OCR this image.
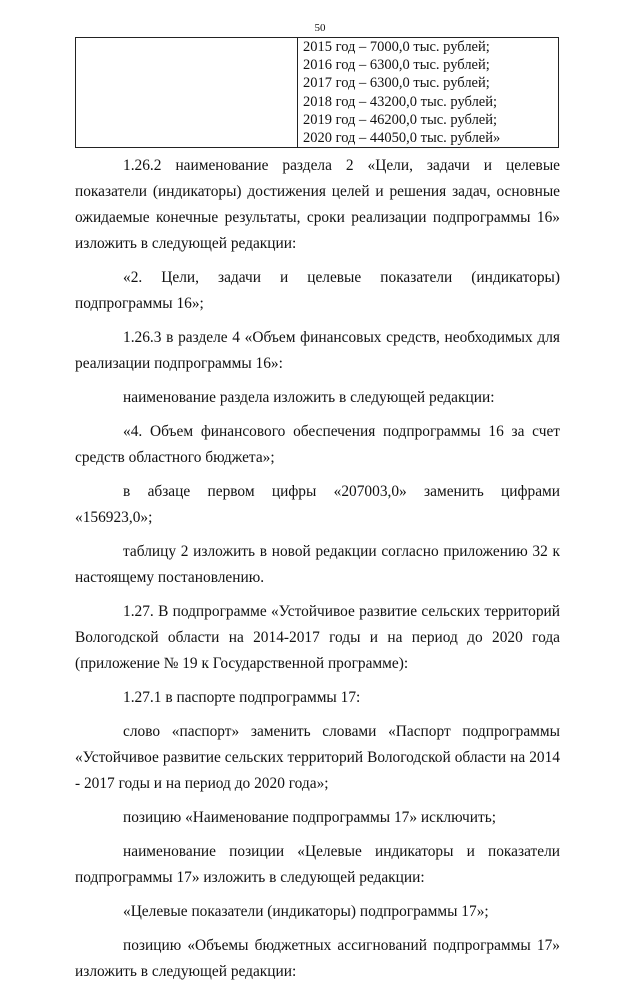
50

2015 год – 7000,0 тыс. рублей;
2016 год – 6300,0 тыс. рублей;
2017 год – 6300,0 тыс. рублей;
2018 год – 43200,0 тыс. рублей;
2019 год – 46200,0 тыс. рублей;
2020 год – 44050,0 тыс. рублей»

1.26.2 наименование раздела 2 «Цели, задачи и целевые показатели (индикаторы) достижения целей и решения задач, основные ожидаемые конечные результаты, сроки реализации подпрограммы 16» изложить в следующей редакции:

«2. Цели, задачи и целевые показатели (индикаторы) подпрограммы 16»;

1.26.3 в разделе 4 «Объем финансовых средств, необходимых для реализации подпрограммы 16»:

наименование раздела изложить в следующей редакции:

«4. Объем финансового обеспечения подпрограммы 16 за счет средств областного бюджета»;

в абзаце первом цифры «207003,0» заменить цифрами «156923,0»;

таблицу 2 изложить в новой редакции согласно приложению 32 к настоящему постановлению.

1.27. В подпрограмме «Устойчивое развитие сельских территорий Вологодской области на 2014-2017 годы и на период до 2020 года (приложение № 19 к Государственной программе):

1.27.1 в паспорте подпрограммы 17:

слово «паспорт» заменить словами «Паспорт подпрограммы «Устойчивое развитие сельских территорий Вологодской области на 2014 - 2017 годы и на период до 2020 года»;

позицию «Наименование подпрограммы 17» исключить;

наименование позиции «Целевые индикаторы и показатели подпрограммы 17» изложить в следующей редакции:

«Целевые показатели (индикаторы) подпрограммы 17»;

позицию «Объемы бюджетных ассигнований подпрограммы 17» изложить в следующей редакции:
